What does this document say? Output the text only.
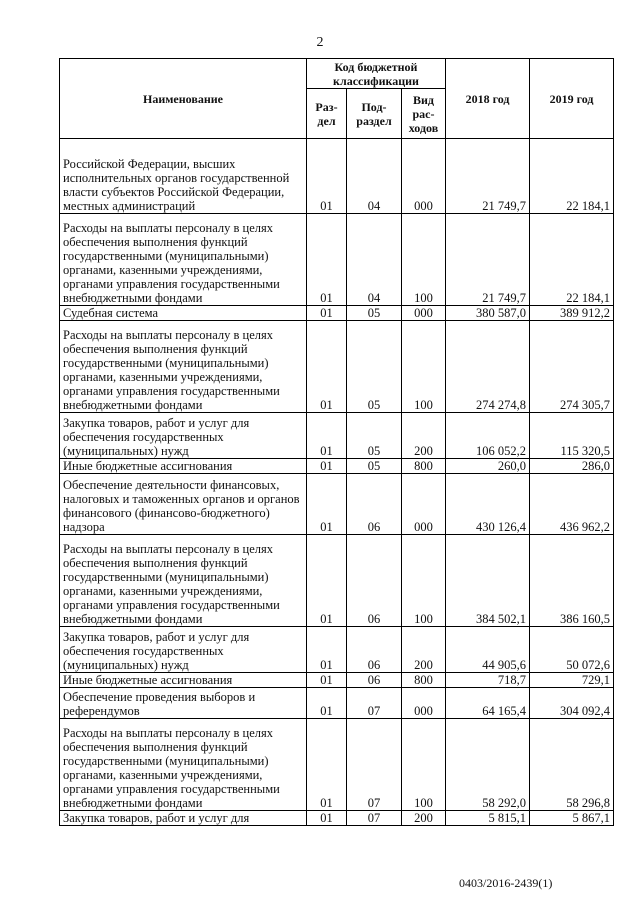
2
Наименование	Код бюджетной классификации			2018 год	2019 год
	Раз-дел	Под-раздел	Вид рас-ходов		
Российской Федерации, высших исполнительных органов государственной власти субъектов Российской Федерации, местных администраций	01	04	000	21 749,7	22 184,1
Расходы на выплаты персоналу в целях обеспечения выполнения функций государственными (муниципальными) органами, казенными учреждениями, органами управления государственными внебюджетными фондами	01	04	100	21 749,7	22 184,1
Судебная система	01	05	000	380 587,0	389 912,2
Расходы на выплаты персоналу в целях обеспечения выполнения функций государственными (муниципальными) органами, казенными учреждениями, органами управления государственными внебюджетными фондами	01	05	100	274 274,8	274 305,7
Закупка товаров, работ и услуг для обеспечения государственных (муниципальных) нужд	01	05	200	106 052,2	115 320,5
Иные бюджетные ассигнования	01	05	800	260,0	286,0
Обеспечение деятельности финансовых, налоговых и таможенных органов и органов финансового (финансово-бюджетного) надзора	01	06	000	430 126,4	436 962,2
Расходы на выплаты персоналу в целях обеспечения выполнения функций государственными (муниципальными) органами, казенными учреждениями, органами управления государственными внебюджетными фондами	01	06	100	384 502,1	386 160,5
Закупка товаров, работ и услуг для обеспечения государственных (муниципальных) нужд	01	06	200	44 905,6	50 072,6
Иные бюджетные ассигнования	01	06	800	718,7	729,1
Обеспечение проведения выборов и референдумов	01	07	000	64 165,4	304 092,4
Расходы на выплаты персоналу в целях обеспечения выполнения функций государственными (муниципальными) органами, казенными учреждениями, органами управления государственными внебюджетными фондами	01	07	100	58 292,0	58 296,8
Закупка товаров, работ и услуг для	01	07	200	5 815,1	5 867,1
0403/2016-2439(1)
